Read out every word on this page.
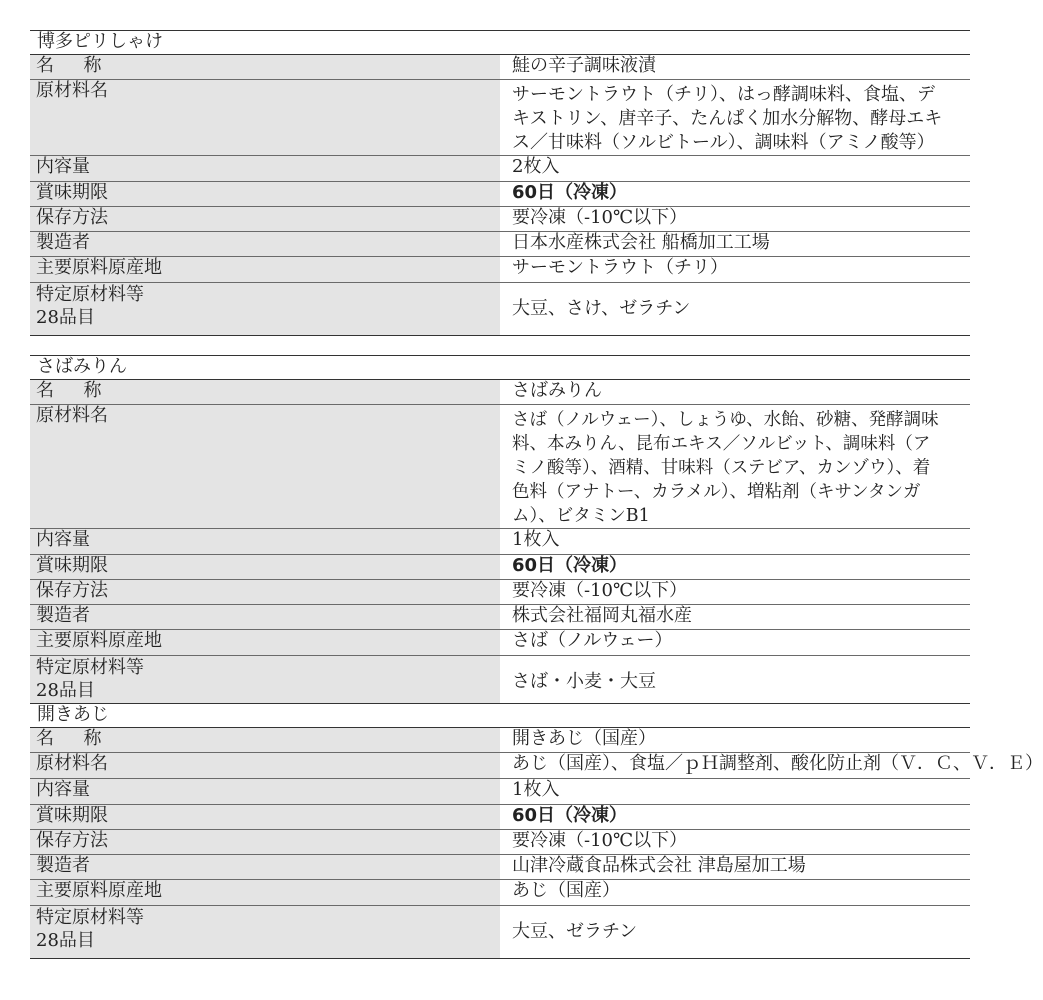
博多ピリしゃけ	
名　称	鮭の辛子調味液漬
原材料名	サーモントラウト（チリ）、はっ酵調味料、食塩、デキストリン、唐辛子、たんぱく加水分解物、酵母エキス／甘味料（ソルビトール）、調味料（アミノ酸等）
内容量	2枚入
賞味期限	60日（冷凍）
保存方法	要冷凍（-10℃以下）
製造者	日本水産株式会社 船橋加工工場
主要原料原産地	サーモントラウト（チリ）
特定原材料等
28品目	大豆、さけ、ゼラチン
さばみりん	
名　称	さばみりん
原材料名	さば（ノルウェー）、しょうゆ、水飴、砂糖、発酵調味料、本みりん、昆布エキス／ソルビット、調味料（アミノ酸等）、酒精、甘味料（ステビア、カンゾウ）、着色料（アナトー、カラメル）、増粘剤（キサンタンガム）、ビタミンB1
内容量	1枚入
賞味期限	60日（冷凍）
保存方法	要冷凍（-10℃以下）
製造者	株式会社福岡丸福水産
主要原料原産地	さば（ノルウェー）
特定原材料等
28品目	さば・小麦・大豆
開きあじ	
名　称	開きあじ（国産）
原材料名	あじ（国産）、食塩／ｐＨ調整剤、酸化防止剤（Ｖ．Ｃ、Ｖ．Ｅ）
内容量	1枚入
賞味期限	60日（冷凍）
保存方法	要冷凍（-10℃以下）
製造者	山津冷蔵食品株式会社 津島屋加工場
主要原料原産地	あじ（国産）
特定原材料等
28品目	大豆、ゼラチン
